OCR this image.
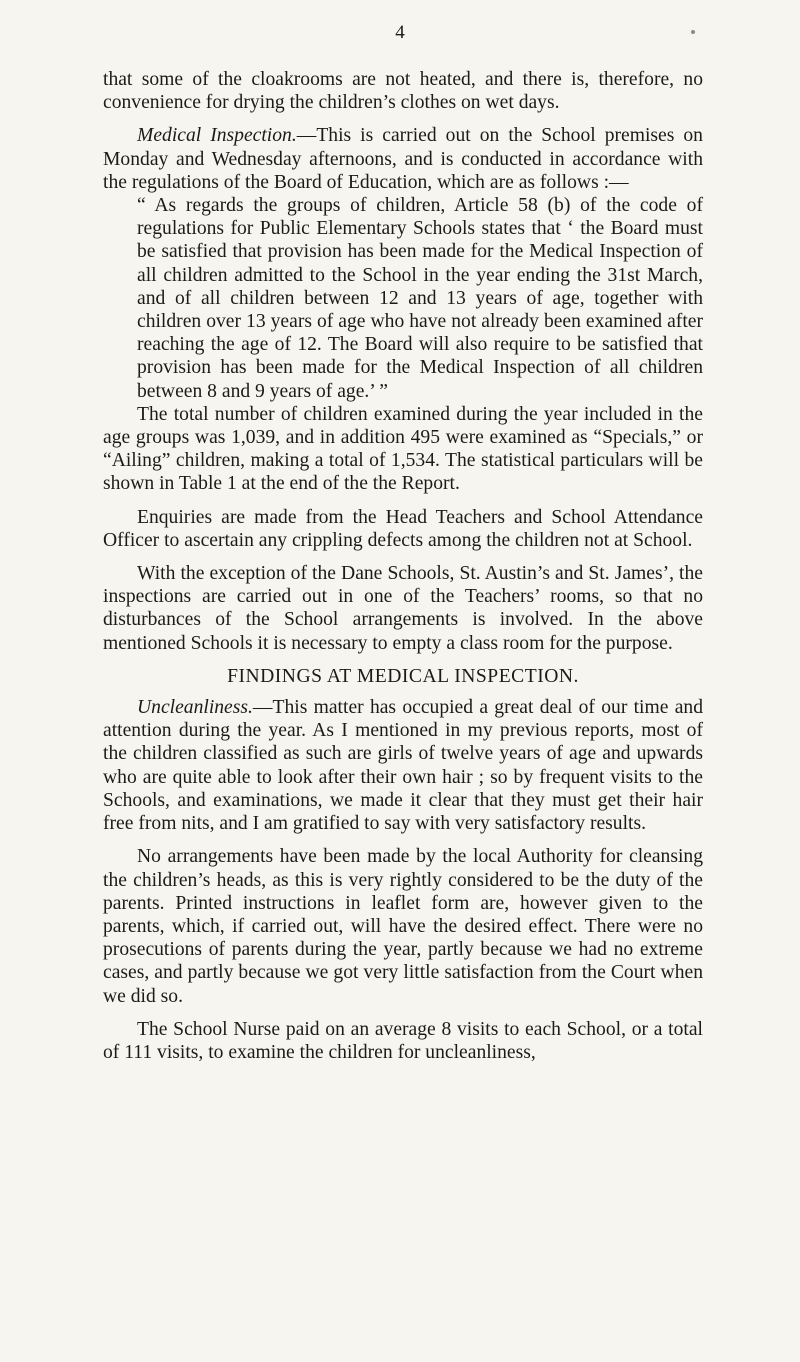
4

that some of the cloakrooms are not heated, and there is, therefore, no convenience for drying the children’s clothes on wet days.

Medical Inspection.—This is carried out on the School premises on Monday and Wednesday afternoons, and is conducted in accordance with the regulations of the Board of Education, which are as follows :—

“ As regards the groups of children, Article 58 (b) of the code of regulations for Public Elementary Schools states that ‘ the Board must be satisfied that provision has been made for the Medical Inspection of all children admitted to the School in the year ending the 31st March, and of all children between 12 and 13 years of age, together with children over 13 years of age who have not already been examined after reaching the age of 12. The Board will also require to be satisfied that provision has been made for the Medical Inspection of all children between 8 and 9 years of age.’ ”

The total number of children examined during the year included in the age groups was 1,039, and in addition 495 were examined as “Specials,” or “Ailing” children, making a total of 1,534. The statistical particulars will be shown in Table 1 at the end of the the Report.

Enquiries are made from the Head Teachers and School Attendance Officer to ascertain any crippling defects among the children not at School.

With the exception of the Dane Schools, St. Austin’s and St. James’, the inspections are carried out in one of the Teachers’ rooms, so that no disturbances of the School arrangements is involved. In the above mentioned Schools it is necessary to empty a class room for the purpose.

FINDINGS AT MEDICAL INSPECTION.

Uncleanliness.—This matter has occupied a great deal of our time and attention during the year. As I mentioned in my previous reports, most of the children classified as such are girls of twelve years of age and upwards who are quite able to look after their own hair ; so by frequent visits to the Schools, and examinations, we made it clear that they must get their hair free from nits, and I am gratified to say with very satisfactory results.

No arrangements have been made by the local Authority for cleansing the children’s heads, as this is very rightly considered to be the duty of the parents. Printed instructions in leaflet form are, however given to the parents, which, if carried out, will have the desired effect. There were no prosecutions of parents during the year, partly because we had no extreme cases, and partly because we got very little satisfaction from the Court when we did so.

The School Nurse paid on an average 8 visits to each School, or a total of 111 visits, to examine the children for uncleanliness,
